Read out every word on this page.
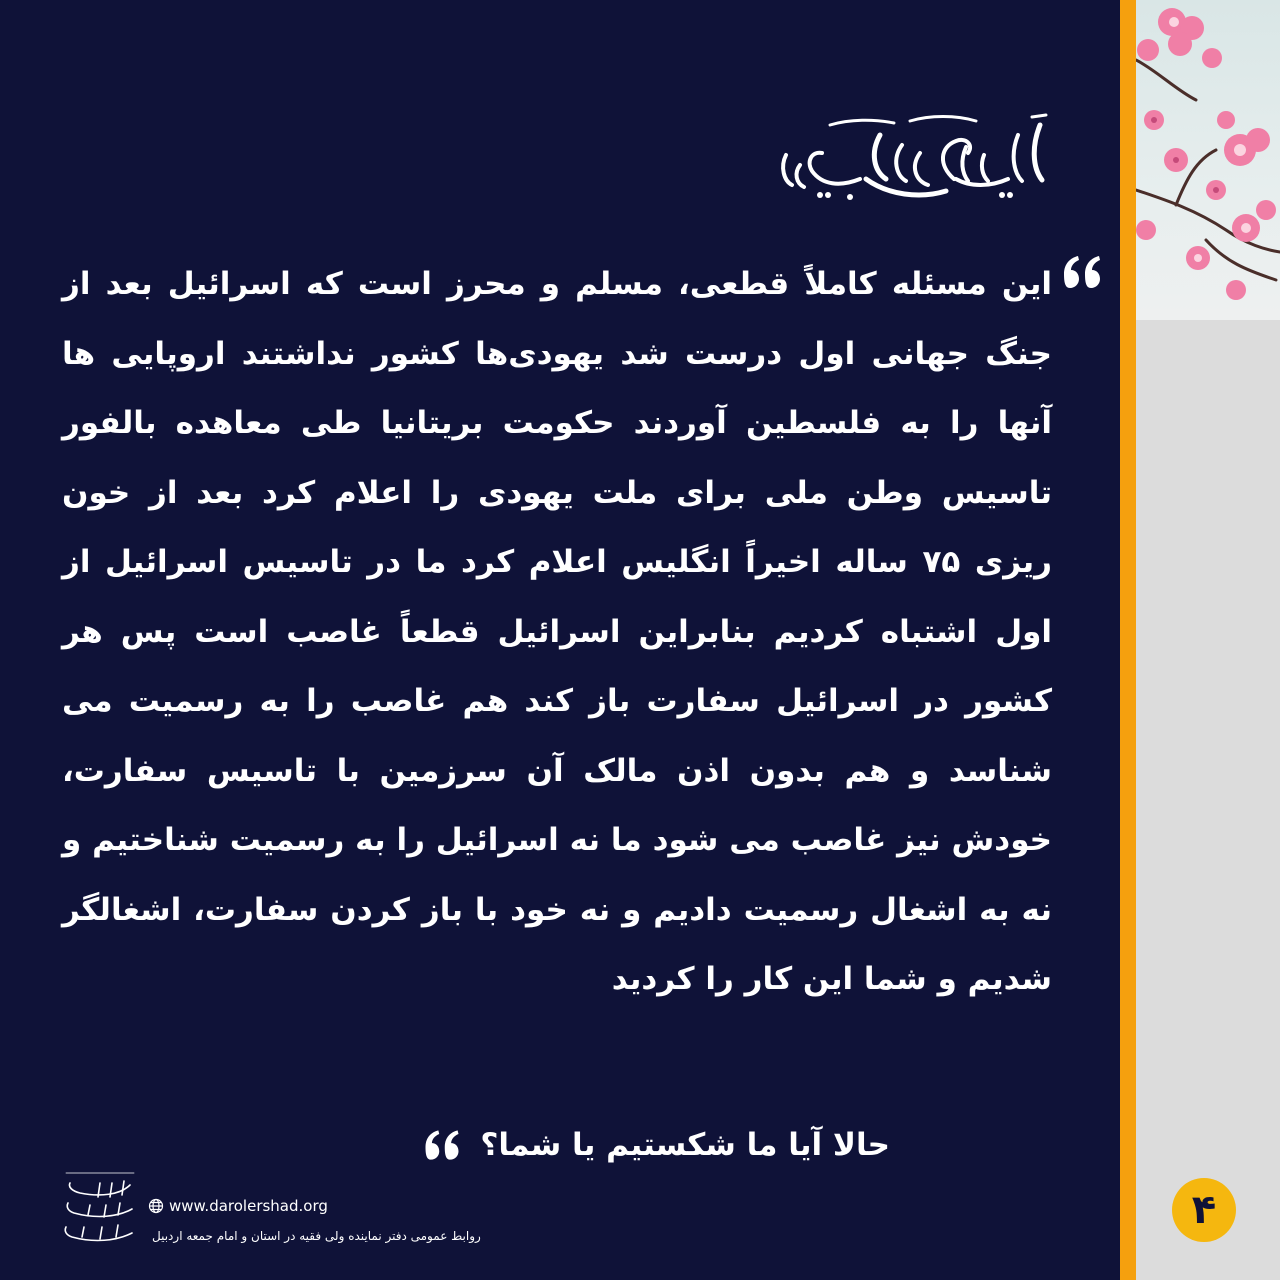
این مسئله کاملاً قطعی، مسلم و محرز است که اسرائیل بعد از جنگ جهانی اول درست شد یهودی‌ها کشور نداشتند اروپایی ها آنها را به فلسطین آوردند حکومت بریتانیا طی معاهده بالفور تاسیس وطن ملی برای ملت یهودی را اعلام کرد بعد از خون ریزی ۷۵ ساله اخیراً انگلیس اعلام کرد ما در تاسیس اسرائیل از اول اشتباه کردیم بنابراین اسرائیل قطعاً غاصب است پس هر کشور در اسرائیل سفارت باز کند هم غاصب را به رسمیت می شناسد و هم بدون اذن مالک آن سرزمین با تاسیس سفارت، خودش نیز غاصب می شود ما نه اسرائیل را به رسمیت شناختیم و نه به اشغال رسمیت دادیم و نه خود با باز کردن سفارت، اشغالگر شدیم و شما این کار را کردید
حالا آیا ما شکستیم یا شما؟
www.darolershad.org
روابط عمومی دفتر نماینده ولی فقیه در استان و امام جمعه اردبیل
۴
